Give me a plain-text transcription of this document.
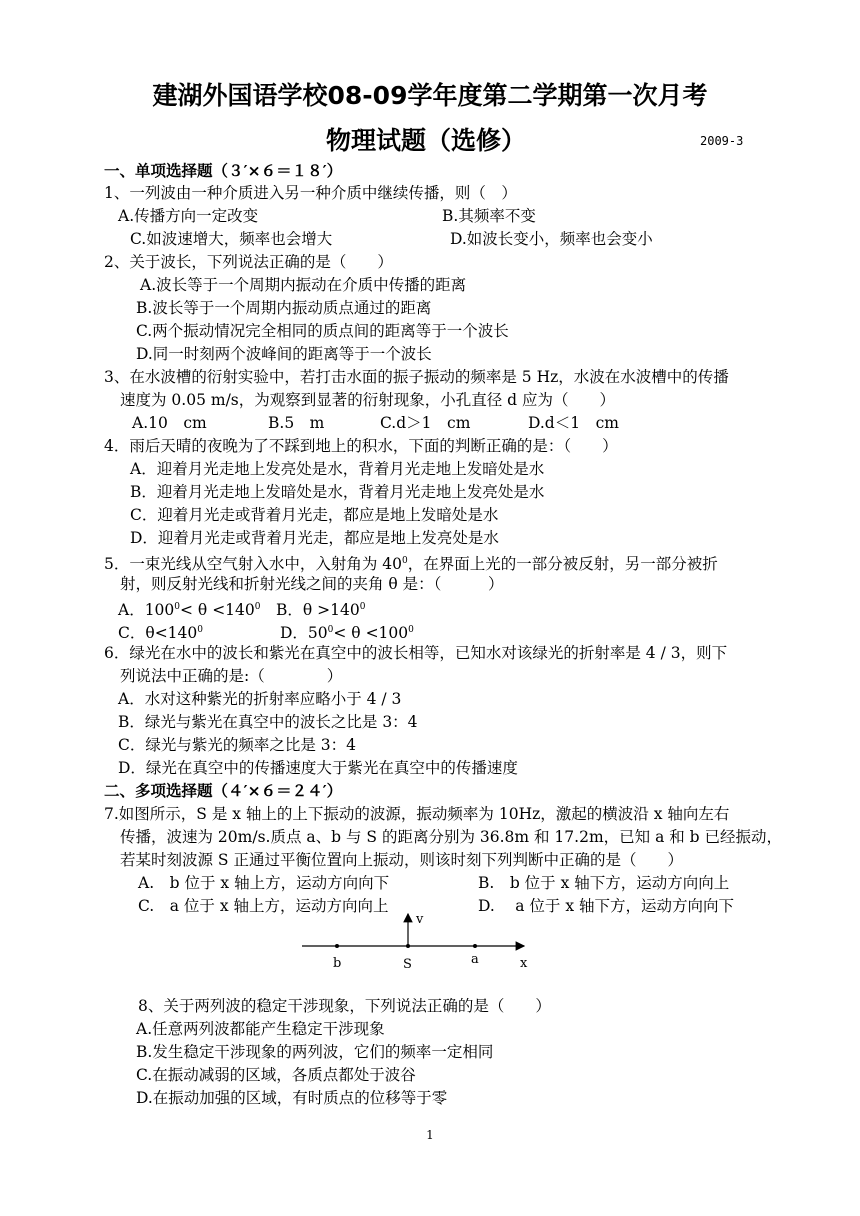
建湖外国语学校08-09学年度第二学期第一次月考
物理试题（选修）	2009-3
一、单项选择题（３′×６＝１８′）
1、一列波由一种介质进入另一种介质中继续传播，则（　）
A.传播方向一定改变	B.其频率不变
C.如波速增大，频率也会增大	D.如波长变小，频率也会变小
2、关于波长，下列说法正确的是（　　）
A.波长等于一个周期内振动在介质中传播的距离
B.波长等于一个周期内振动质点通过的距离
C.两个振动情况完全相同的质点间的距离等于一个波长
D.同一时刻两个波峰间的距离等于一个波长
3、在水波槽的衍射实验中，若打击水面的振子振动的频率是 5 Hz，水波在水波槽中的传播
速度为 0.05 m/s，为观察到显著的衍射现象，小孔直径 d 应为（　　）
A.10　cm	B.5　m	C.d＞1　cm	D.d＜1　cm
4．雨后天晴的夜晚为了不踩到地上的积水，下面的判断正确的是：（　　）
A．迎着月光走地上发亮处是水，背着月光走地上发暗处是水
B．迎着月光走地上发暗处是水，背着月光走地上发亮处是水
C．迎着月光走或背着月光走，都应是地上发暗处是水
D．迎着月光走或背着月光走，都应是地上发亮处是水
5．一束光线从空气射入水中，入射角为 $40^0$，在界面上光的一部分被反射，另一部分被折
射，则反射光线和折射光线之间的夹角 θ 是：（　　　）
A．$100^0< \theta <140^0$ B．$\theta >140^0$
C．$\theta<140^0$	D．$50^0< \theta <100^0$
6．绿光在水中的波长和紫光在真空中的波长相等，已知水对该绿光的折射率是 4 / 3，则下
列说法中正确的是:（　　　　）
A．水对这种紫光的折射率应略小于 4 / 3
B．绿光与紫光在真空中的波长之比是 3：4
C．绿光与紫光的频率之比是 3：4
D．绿光在真空中的传播速度大于紫光在真空中的传播速度
二、多项选择题（４′×６＝２４′）
7.如图所示，S 是 x 轴上的上下振动的波源，振动频率为 10Hz，激起的横波沿 x 轴向左右
传播，波速为 20m/s.质点 a、b 与 S 的距离分别为 36.8m 和 17.2m，已知 a 和 b 已经振动，
若某时刻波源 S 正通过平衡位置向上振动，则该时刻下列判断中正确的是（　　）
A.　b 位于 x 轴上方，运动方向向下	B.　b 位于 x 轴下方，运动方向向上
C.　a 位于 x 轴上方，运动方向向上	D.　 a 位于 x 轴下方，运动方向向下
v
b	S	a	x
8、关于两列波的稳定干涉现象，下列说法正确的是（　　）
A.任意两列波都能产生稳定干涉现象
B.发生稳定干涉现象的两列波，它们的频率一定相同
C.在振动减弱的区域，各质点都处于波谷
D.在振动加强的区域，有时质点的位移等于零
1
